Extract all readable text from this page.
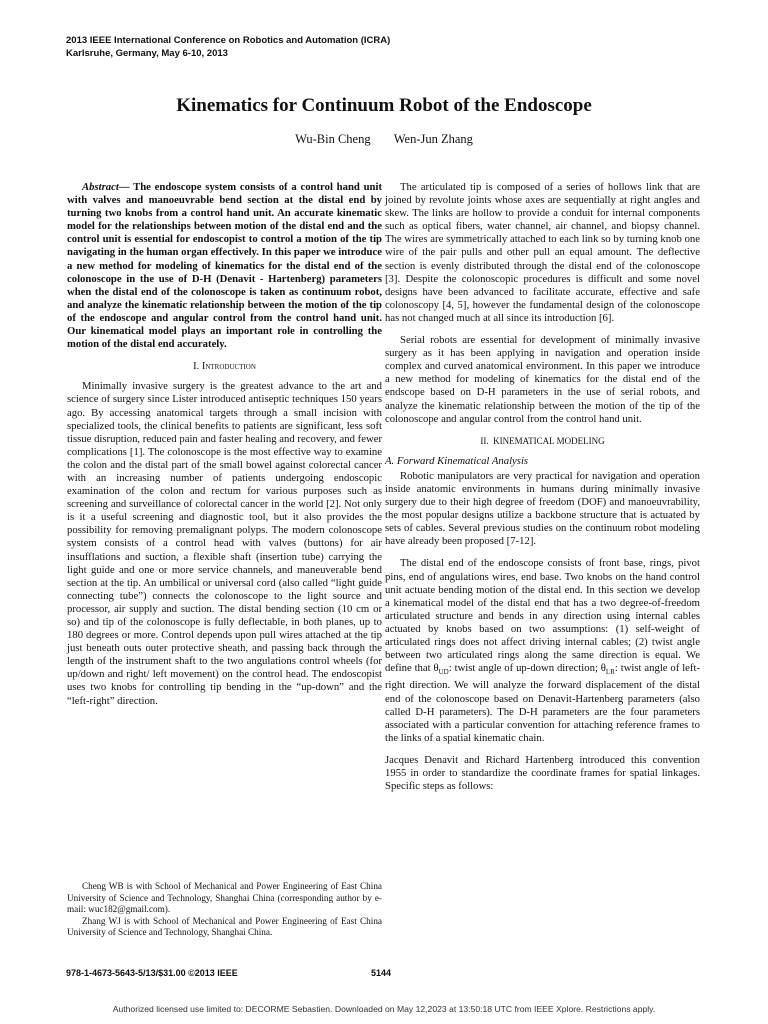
2013 IEEE International Conference on Robotics and Automation (ICRA)
Karlsruhe, Germany, May 6-10, 2013
Kinematics for Continuum Robot of the Endoscope
Wu-Bin Cheng Wen-Jun Zhang

Abstract— The endoscope system consists of a control hand unit with valves and manoeuvrable bend section at the distal end by turning two knobs from a control hand unit. An accurate kinematic model for the relationships between motion of the distal end and the control unit is essential for endoscopist to control a motion of the tip navigating in the human organ effectively. In this paper we introduce a new method for modeling of kinematics for the distal end of the colonoscope in the use of D-H (Denavit - Hartenberg) parameters when the distal end of the colonoscope is taken as continuum robot, and analyze the kinematic relationship between the motion of the tip of the endoscope and angular control from the control hand unit. Our kinematical model plays an important role in controlling the motion of the distal end accurately.

I. Introduction

Minimally invasive surgery is the greatest advance to the art and science of surgery since Lister introduced antiseptic techniques 150 years ago. By accessing anatomical targets through a small incision with specialized tools, the clinical benefits to patients are significant, less soft tissue disruption, reduced pain and faster healing and recovery, and fewer complications [1]. The colonoscope is the most effective way to examine the colon and the distal part of the small bowel against colorectal cancer with an increasing number of patients undergoing endoscopic examination of the colon and rectum for various purposes such as screening and surveillance of colorectal cancer in the world [2]. Not only is it a useful screening and diagnostic tool, but it also provides the possibility for removing premalignant polyps. The modern colonoscope system consists of a control head with valves (buttons) for air insufflations and suction, a flexible shaft (insertion tube) carrying the light guide and one or more service channels, and maneuverable bend section at the tip. An umbilical or universal cord (also called “light guide connecting tube”) connects the colonoscope to the light source and processor, air supply and suction. The distal bending section (10 cm or so) and tip of the colonoscope is fully deflectable, in both planes, up to 180 degrees or more. Control depends upon pull wires attached at the tip just beneath outs outer protective sheath, and passing back through the length of the instrument shaft to the two angulations control wheels (for up/down and right/ left movement) on the control head. The endoscopist uses two knobs for controlling tip bending in the “up-down” and the “left-right” direction.

Cheng WB is with School of Mechanical and Power Engineering of East China University of Science and Technology, Shanghai China (corresponding author by e-mail: wuc182@gmail.com).

Zhang WJ is with School of Mechanical and Power Engineering of East China University of Science and Technology, Shanghai China.

The articulated tip is composed of a series of hollows link that are joined by revolute joints whose axes are sequentially at right angles and skew. The links are hollow to provide a conduit for internal components such as optical fibers, water channel, air channel, and biopsy channel. The wires are symmetrically attached to each link so by turning knob one wire of the pair pulls and other pull an equal amount. The deflective section is evenly distributed through the distal end of the colonoscope [3]. Despite the colonoscopic procedures is difficult and some novel designs have been advanced to facilitate accurate, effective and safe colonoscopy [4, 5], however the fundamental design of the colonoscope has not changed much at all since its introduction [6].

Serial robots are essential for development of minimally invasive surgery as it has been applying in navigation and operation inside complex and curved anatomical environment. In this paper we introduce a new method for modeling of kinematics for the distal end of the endscope based on D-H parameters in the use of serial robots, and analyze the kinematic relationship between the motion of the tip of the colonoscope and angular control from the control hand unit.

II. KINEMATICAL MODELING
A. Forward Kinematical Analysis

Robotic manipulators are very practical for navigation and operation inside anatomic environments in humans during minimally invasive surgery due to their high degree of freedom (DOF) and manoeuvrability, the most popular designs utilize a backbone structure that is actuated by sets of cables. Several previous studies on the continuum robot modeling have already been proposed [7-12].

The distal end of the endoscope consists of front base, rings, pivot pins, end of angulations wires, end base. Two knobs on the hand control unit actuate bending motion of the distal end. In this section we develop a kinematical model of the distal end that has a two degree-of-freedom articulated structure and bends in any direction using internal cables actuated by knobs based on two assumptions: (1) self-weight of articulated rings does not affect driving internal cables; (2) twist angle between two articulated rings along the same direction is equal. We define that $\theta_{UD}$: twist angle of up-down direction; $\theta_{LR}$: twist angle of left-right direction. We will analyze the forward displacement of the distal end of the colonoscope based on Denavit-Hartenberg parameters (also called D-H parameters). The D-H parameters are the four parameters associated with a particular convention for attaching reference frames to the links of a spatial kinematic chain.

Jacques Denavit and Richard Hartenberg introduced this convention 1955 in order to standardize the coordinate frames for spatial linkages. Specific steps as follows:

978-1-4673-5643-5/13/$31.00 ©2013 IEEE	5144
Authorized licensed use limited to: DECORME Sebastien. Downloaded on May 12,2023 at 13:50:18 UTC from IEEE Xplore. Restrictions apply.
